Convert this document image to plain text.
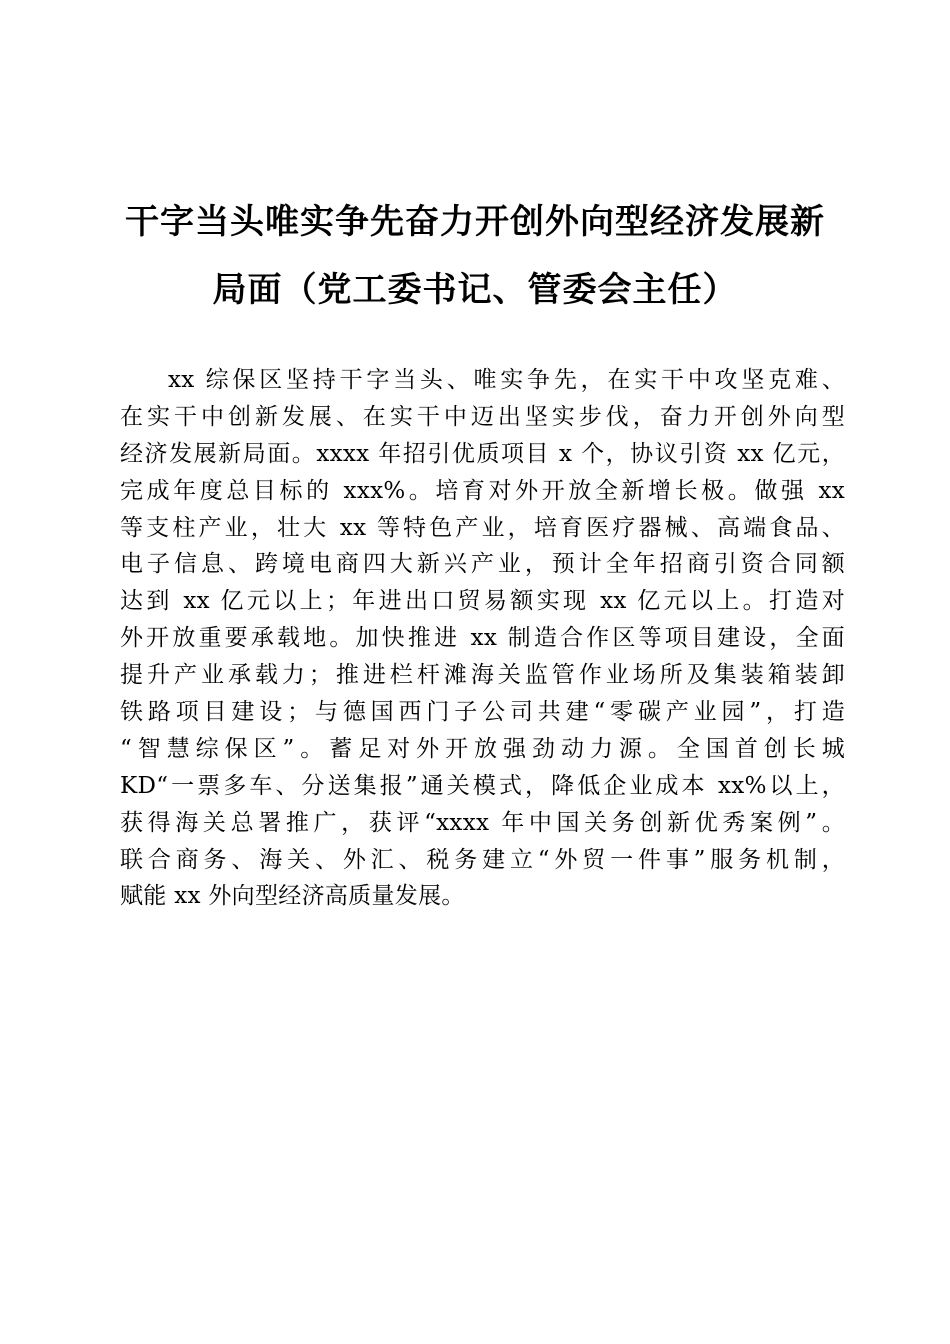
干字当头唯实争先奋力开创外向型经济发展新
局面（党工委书记、管委会主任）
xx 综保区坚持干字当头、唯实争先，在实干中攻坚克难、
在实干中创新发展、在实干中迈出坚实步伐，奋力开创外向型
经济发展新局面。xxxx 年招引优质项目 x 个，协议引资 xx 亿元，
完成年度总目标的 xxx%。培育对外开放全新增长极。做强 xx
等支柱产业，壮大 xx 等特色产业，培育医疗器械、高端食品、
电子信息、跨境电商四大新兴产业，预计全年招商引资合同额
达到 xx 亿元以上；年进出口贸易额实现 xx 亿元以上。打造对
外开放重要承载地。加快推进 xx 制造合作区等项目建设，全面
提升产业承载力；推进栏杆滩海关监管作业场所及集装箱装卸
铁路项目建设；与德国西门子公司共建“零碳产业园”，打造
“智慧综保区”。蓄足对外开放强劲动力源。全国首创长城
KD“一票多车、分送集报”通关模式，降低企业成本 xx%以上，
获得海关总署推广，获评“xxxx 年中国关务创新优秀案例”。
联合商务、海关、外汇、税务建立“外贸一件事”服务机制，
赋能 xx 外向型经济高质量发展。
